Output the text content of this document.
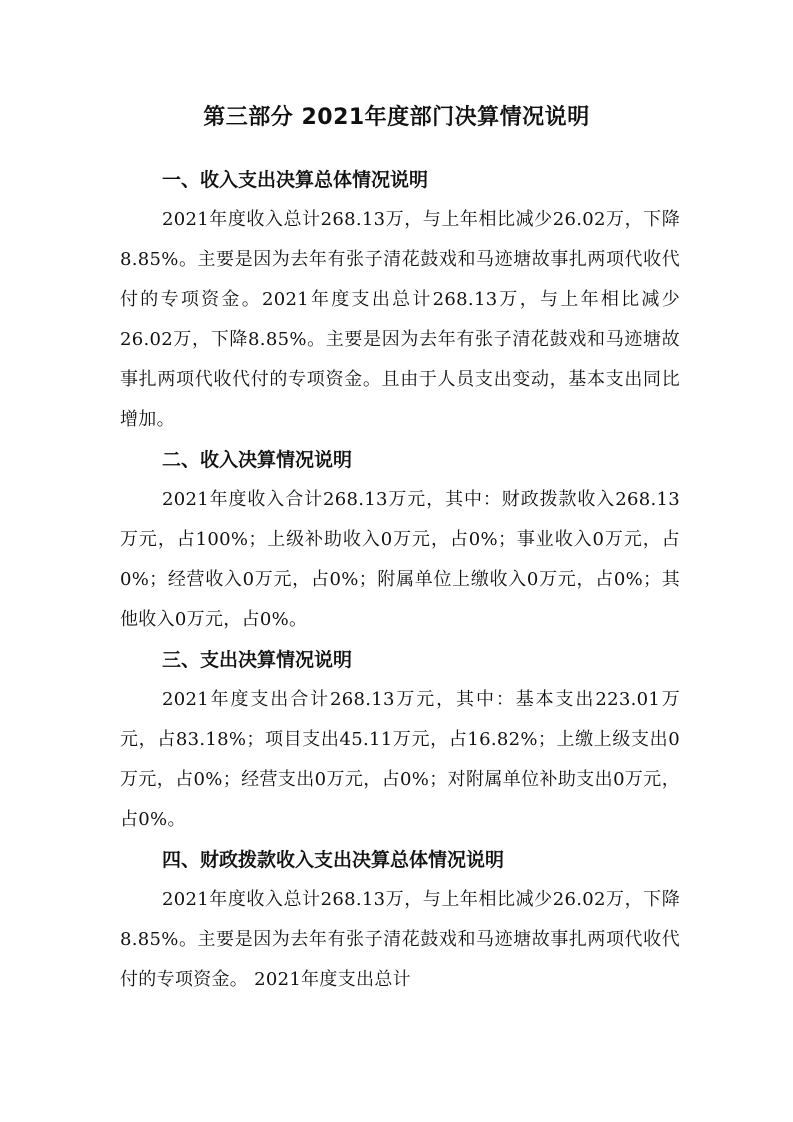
第三部分 2021年度部门决算情况说明
一、收入支出决算总体情况说明

2021年度收入总计268.13万，与上年相比减少26.02万，下降8.85%。主要是因为去年有张子清花鼓戏和马迹塘故事扎两项代收代付的专项资金。2021年度支出总计268.13万，与上年相比减少26.02万，下降8.85%。主要是因为去年有张子清花鼓戏和马迹塘故事扎两项代收代付的专项资金。且由于人员支出变动，基本支出同比增加。

二、收入决算情况说明

2021年度收入合计268.13万元，其中：财政拨款收入268.13万元，占100%；上级补助收入0万元，占0%；事业收入0万元，占0%；经营收入0万元，占0%；附属单位上缴收入0万元，占0%；其他收入0万元，占0%。

三、支出决算情况说明

2021年度支出合计268.13万元，其中：基本支出223.01万元，占83.18%；项目支出45.11万元，占16.82%；上缴上级支出0万元，占0%；经营支出0万元，占0%；对附属单位补助支出0万元，占0%。

四、财政拨款收入支出决算总体情况说明

2021年度收入总计268.13万，与上年相比减少26.02万，下降8.85%。主要是因为去年有张子清花鼓戏和马迹塘故事扎两项代收代付的专项资金。 2021年度支出总计
